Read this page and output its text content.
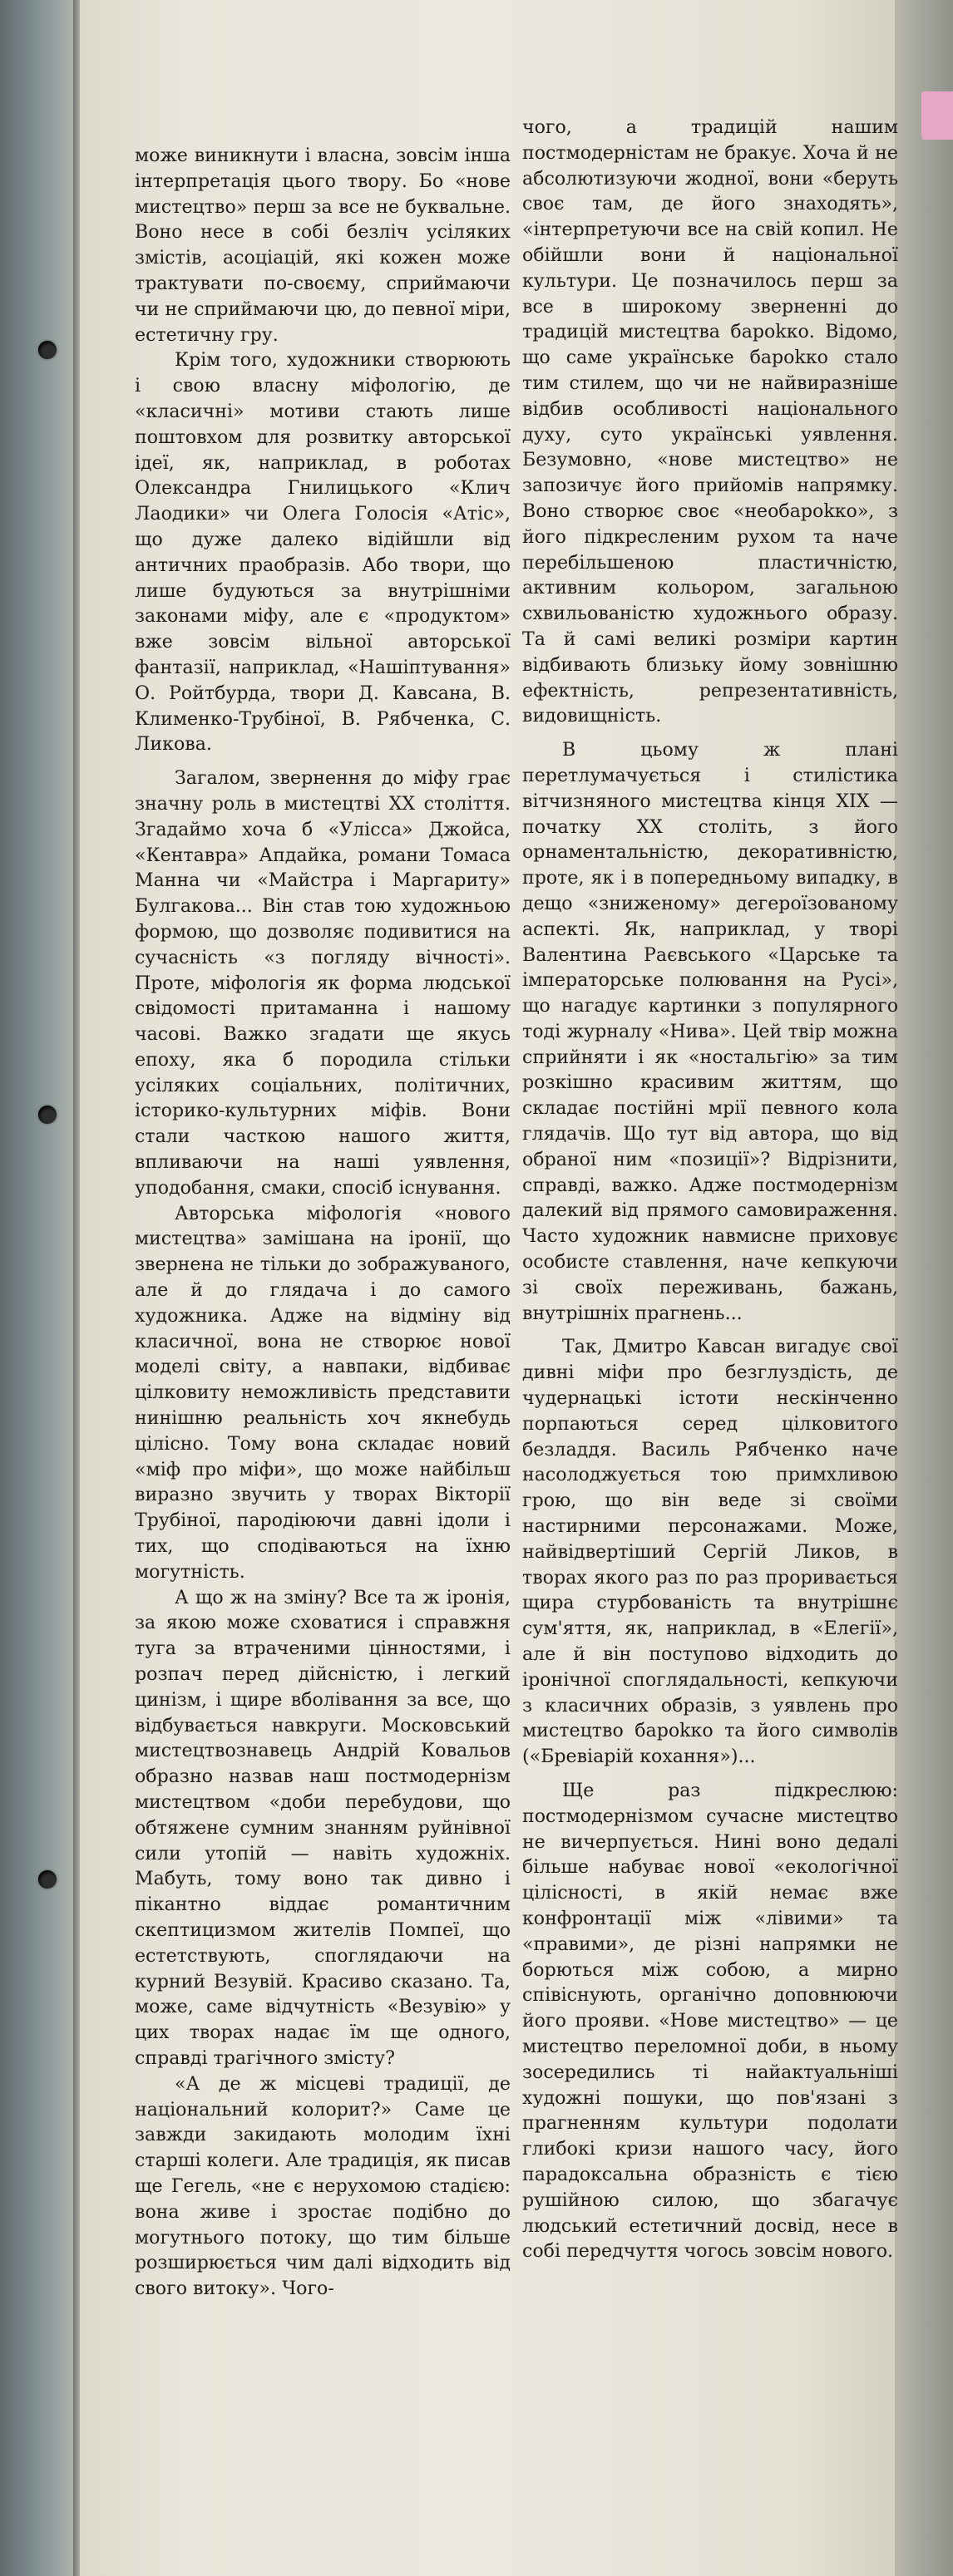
може виникнути і власна, зовсім інша інтерпретація цього твору. Бо «нове мистецтво» перш за все не буквальне. Воно несе в собі безліч усіляких змістів, асоціацій, які кожен може трактувати по-своєму, сприймаючи чи не сприймаючи цю, до певної міри, естетичну гру.

Крім того, художники створюють і свою власну міфологію, де «класичні» мотиви стають лише поштовхом для розвитку авторської ідеї, як, наприклад, в роботах Олександра Гнилицького «Клич Лаодики» чи Олега Голосія «Атіс», що дуже далеко відійшли від античних праобразів. Або твори, що лише будуються за внутрішніми законами міфу, але є «продуктом» вже зовсім вільної авторської фантазії, наприклад, «Нашіптування» О. Ройтбурда, твори Д. Кавсана, В. Клименко-Трубіної, В. Рябченка, С. Ликова.

Загалом, звернення до міфу грає значну роль в мистецтві XX століття. Згадаймо хоча б «Уліcса» Джойса, «Кентавра» Апдайка, романи Томаса Манна чи «Майстра і Маргариту» Булгакова... Він став тою художньою формою, що дозволяє подивитися на сучасність «з погляду вічності». Проте, міфологія як форма людської свідомості притаманна і нашому часові. Важко згадати ще якусь епоху, яка б породила стільки усіляких соціальних, політичних, історико-культурних міфів. Вони стали часткою нашого життя, впливаючи на наші уявлення, уподобання, смаки, спосіб існування.

Авторська міфологія «нового мистецтва» замішана на іронії, що звернена не тільки до зображуваного, але й до глядача і до самого художника. Адже на відміну від класичної, вона не створює нової моделі світу, а навпаки, відбиває цілковиту неможливість представити нинішню реальність хоч якнебудь цілісно. Тому вона складає новий «міф про міфи», що може найбільш виразно звучить у творах Вікторії Трубіної, пародіюючи давні ідоли і тих, що сподіваються на їхню могутність.

А що ж на зміну? Все та ж іронія, за якою може сховатися і справжня туга за втраченими цінностями, і розпач перед дійсністю, і легкий цинізм, і щире вболівання за все, що відбувається навкруги. Московський мистецтвознавець Андрій Ковальов образно назвав наш постмодернізм мистецтвом «доби перебудови, що обтяжене сумним знанням руйнівної сили утопій — навіть художніх. Мабуть, тому воно так дивно і пікантно віддає романтичним скептицизмом жителів Помпеї, що естетствують, споглядаючи на курний Везувій. Красиво сказано. Та, може, саме відчутність «Везувію» у цих творах надає їм ще одного, справді трагічного змісту?

«А де ж місцеві традиції, де національний колорит?» Саме це завжди закидають молодим їхні старші колеги. Але традиція, як писав ще Гегель, «не є нерухомою стадією: вона живе і зростає подібно до могутнього потоку, що тим більше розширюється чим далі відходить від свого витоку». Чого-

чого, а традицій нашим постмодерністам не бракує. Хоча й не абсолютизуючи жодної, вони «беруть своє там, де його знаходять», «інтерпретуючи все на свій копил. Не обійшли вони й національної культури. Це позначилось перш за все в широкому зверненні до традицій мистецтва бароkко. Відомо, що саме українське бароkко стало тим стилем, що чи не найвиразніше відбив особливості національного духу, суто українські уявлення. Безумовно, «нове мистецтво» не запозичує його прийомів напрямку. Воно створює своє «необароkко», з його підкреслeним рухом та наче перебільшеною пластичністю, активним кольором, загальною схвильованістю художнього образу. Та й самі великі розміри картин відбивають близьку йому зовнішню ефектність, репрезентативність, видовищність.

В цьому ж плані перетлумачується і стилістика вітчизняного мистецтва кінця XIX — початку XX століть, з його орнаментальністю, декоративністю, проте, як і в попередньому випадку, в дещо «зниженому» дегероїзованому аспекті. Як, наприклад, у творі Валентина Раєвського «Царське та імператорське полювання на Русі», що нагадує картинки з популярного тоді журналу «Нива». Цей твір можна сприйняти і як «ностальгію» за тим розкішно красивим життям, що складає постійні мрії певного кола глядачів. Що тут від автора, що від обраної ним «позиції»? Відрізнити, справді, важко. Адже постмодернізм далекий від прямого самовираження. Часто художник навмисне приховує особисте ставлення, наче кепкуючи зі своїх переживань, бажань, внутрішніх прагнень...

Так, Дмитро Кавсан вигадує свої дивні міфи про безглуздість, де чудернацькі істоти нескінченно порпаються серед цілковитого безладдя. Василь Рябченко наче насолоджується тою примхливою грою, що він веде зі своїми настирними персонажами. Може, найвідвертіший Сергій Ликов, в творах якого раз по раз проривається щира стурбованість та внутрішнє сум'яття, як, наприклад, в «Елегії», але й він поступово відходить до іронічної споглядальності, кепкуючи з класичних образів, з уявлень про мистецтво бароkко та його символів («Бревіарій кохання»)...

Ще раз підкреслюю: постмодернізмом сучасне мистецтво не вичерпується. Нині воно дедалі більше набуває нової «екологічної цілісності, в якій немає вже конфронтації між «лівими» та «правими», де різні напрямки не борються між собою, а мирно співіснують, органічно доповнюючи його прояви. «Нове мистецтво» — це мистецтво переломної доби, в ньому зосередились ті найактуальніші художні пошуки, що пов'язані з прагненням культури подолати глибокі кризи нашого часу, його парадоксальна образність є тією рушійною силою, що збагачує людський естетичний досвід, несе в собі передчуття чогось зовсім нового.
